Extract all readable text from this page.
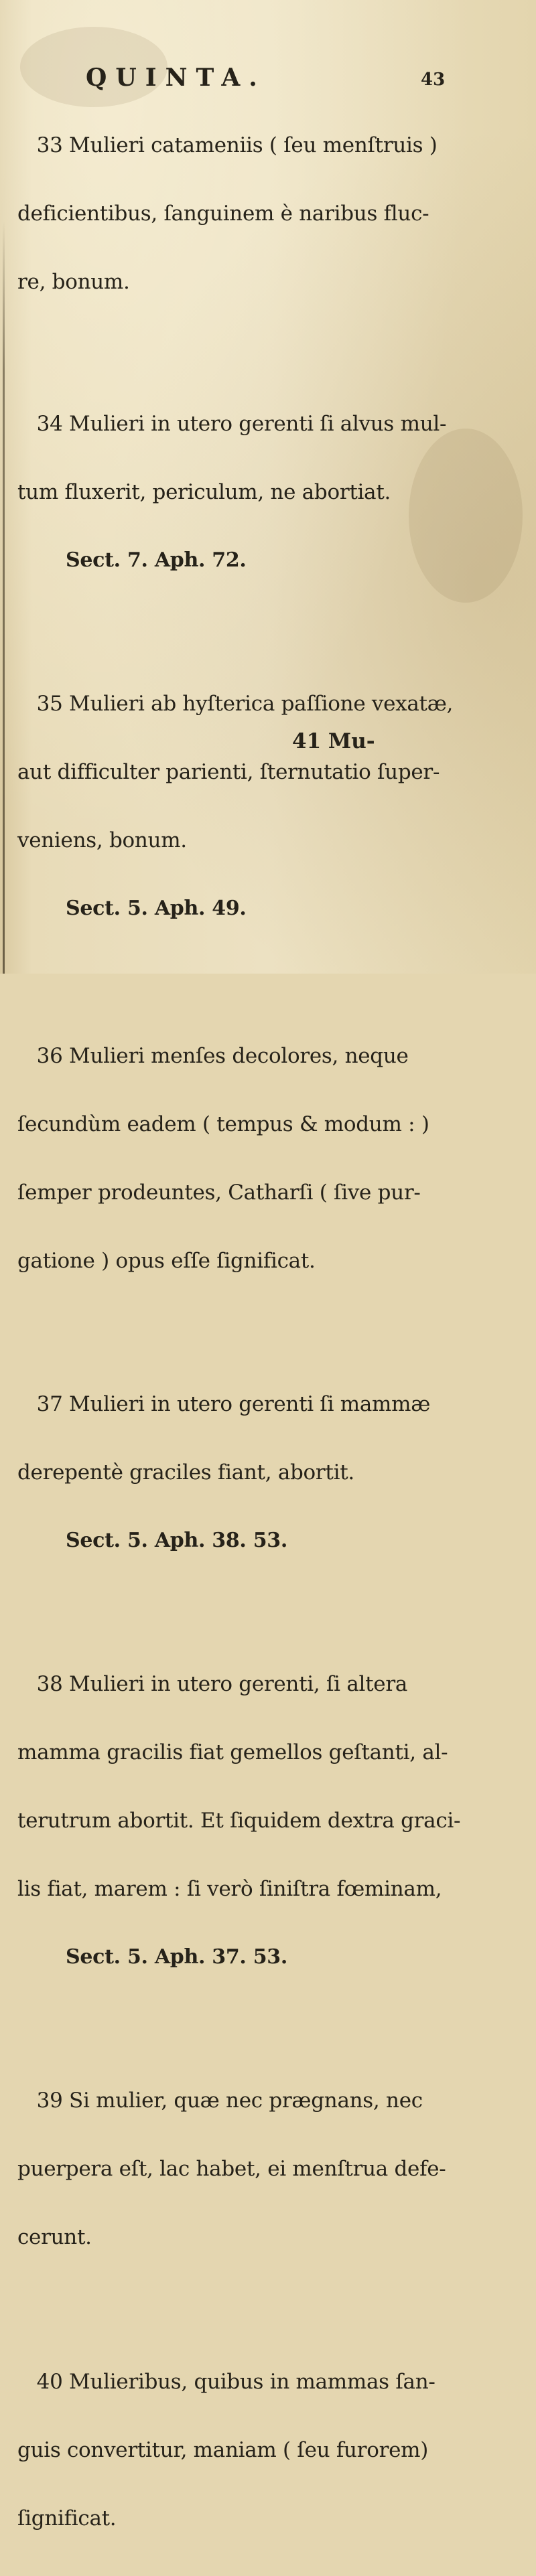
QUINTA.	43

33 Mulieri catameniis ( ſeu menſtruis )

deficientibus, ſanguinem è naribus fluc-

re, bonum.

34 Mulieri in utero gerenti ſi alvus mul-

tum fluxerit, periculum, ne abortiat.

Sect. 7. Aph. 72.

35 Mulieri ab hyſterica paſſione vexatæ,

aut difficulter parienti, ſternutatio ſuper-

veniens, bonum.

Sect. 5. Aph. 49.

36 Mulieri menſes decolores, neque

ſecundùm eadem ( tempus & modum : )

ſemper prodeuntes, Catharſi ( ſive pur-

gatione ) opus eſſe ſignificat.

37 Mulieri in utero gerenti ſi mammæ

derepentè graciles fiant, abortit.

Sect. 5. Aph. 38. 53.

38 Mulieri in utero gerenti, ſi altera

mamma gracilis fiat gemellos geſtanti, al-

terutrum abortit. Et ſiquidem dextra graci-

lis fiat, marem : ſi verò ſiniſtra fœminam,

Sect. 5. Aph. 37. 53.

39 Si mulier, quæ nec prægnans, nec

puerpera eſt, lac habet, ei menſtrua defe-

cerunt.

40 Mulieribus, quibus in mammas ſan-

guis convertitur, maniam ( ſeu furorem)

ſignificat.

41 Mu-
